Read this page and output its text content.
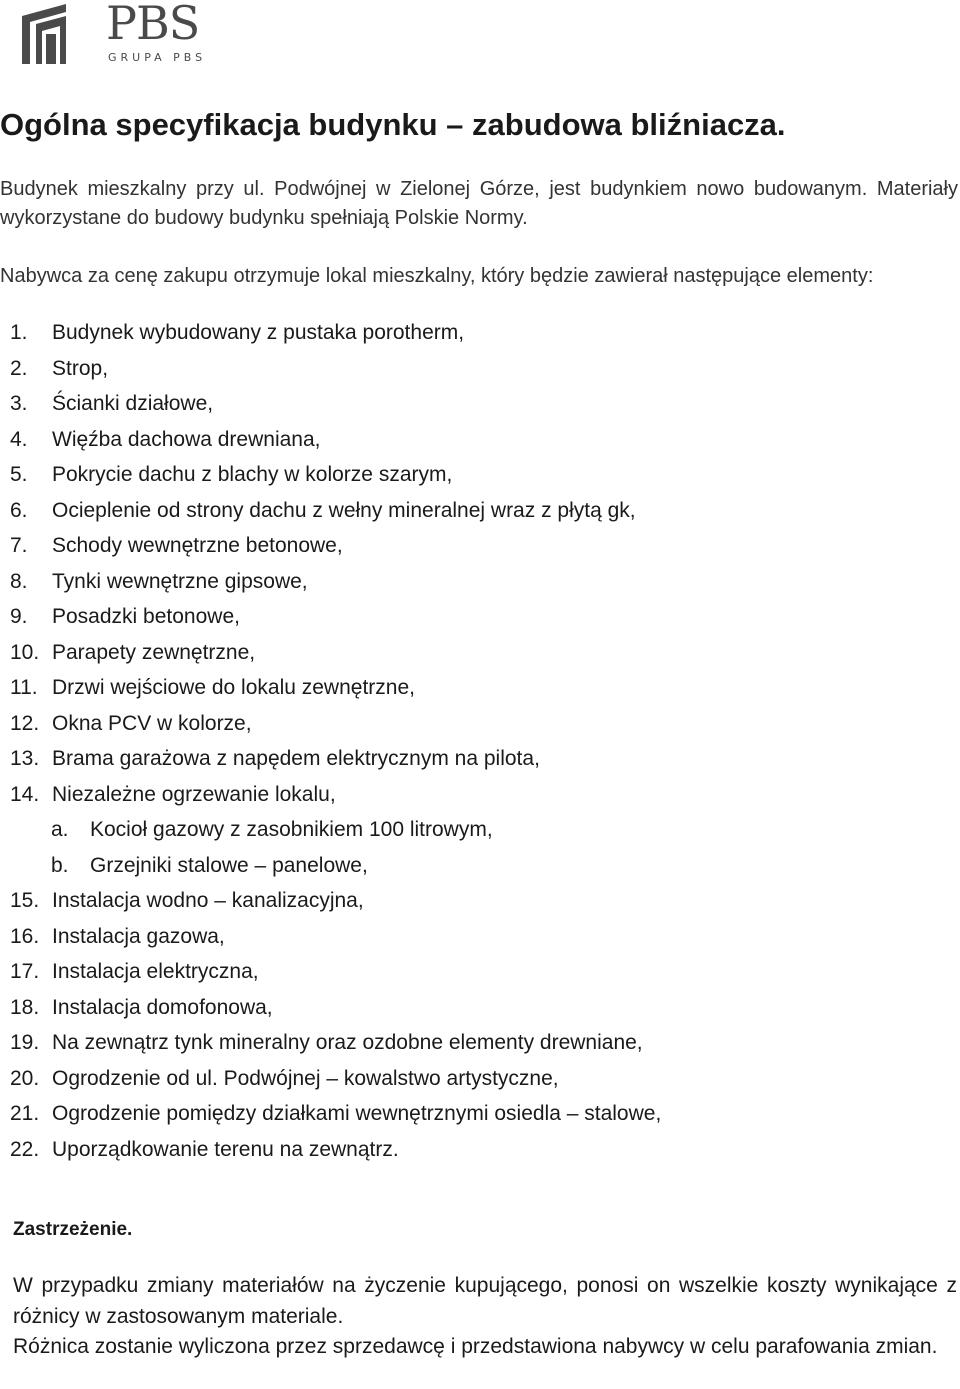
PBS
GRUPA PBS
Ogólna specyfikacja budynku – zabudowa bliźniacza.

Budynek mieszkalny przy ul. Podwójnej w Zielonej Górze, jest budynkiem nowo budowanym. Materiały wykorzystane do budowy budynku spełniają Polskie Normy.

Nabywca za cenę zakupu otrzymuje lokal mieszkalny, który będzie zawierał następujące elementy:

1.	Budynek wybudowany z pustaka porotherm,
2.	Strop,
3.	Ścianki działowe,
4.	Więźba dachowa drewniana,
5.	Pokrycie dachu z blachy w kolorze szarym,
6.	Ocieplenie od strony dachu z wełny mineralnej wraz z płytą gk,
7.	Schody wewnętrzne betonowe,
8.	Tynki wewnętrzne gipsowe,
9.	Posadzki betonowe,
10. Parapety zewnętrzne,
11. Drzwi wejściowe do lokalu zewnętrzne,
12. Okna PCV w kolorze,
13. Brama garażowa z napędem elektrycznym na pilota,
14. Niezależne ogrzewanie lokalu,
a.	Kocioł gazowy z zasobnikiem 100 litrowym,
b.	Grzejniki stalowe – panelowe,
15. Instalacja wodno – kanalizacyjna,
16. Instalacja gazowa,
17. Instalacja elektryczna,
18. Instalacja domofonowa,
19. Na zewnątrz tynk mineralny oraz ozdobne elementy drewniane,
20. Ogrodzenie od ul. Podwójnej – kowalstwo artystyczne,
21. Ogrodzenie pomiędzy działkami wewnętrznymi osiedla – stalowe,
22. Uporządkowanie terenu na zewnątrz.
Zastrzeżenie.

W przypadku zmiany materiałów na życzenie kupującego, ponosi on wszelkie koszty wynikające z różnicy w zastosowanym materiale.

Różnica zostanie wyliczona przez sprzedawcę i przedstawiona nabywcy w celu parafowania zmian.
